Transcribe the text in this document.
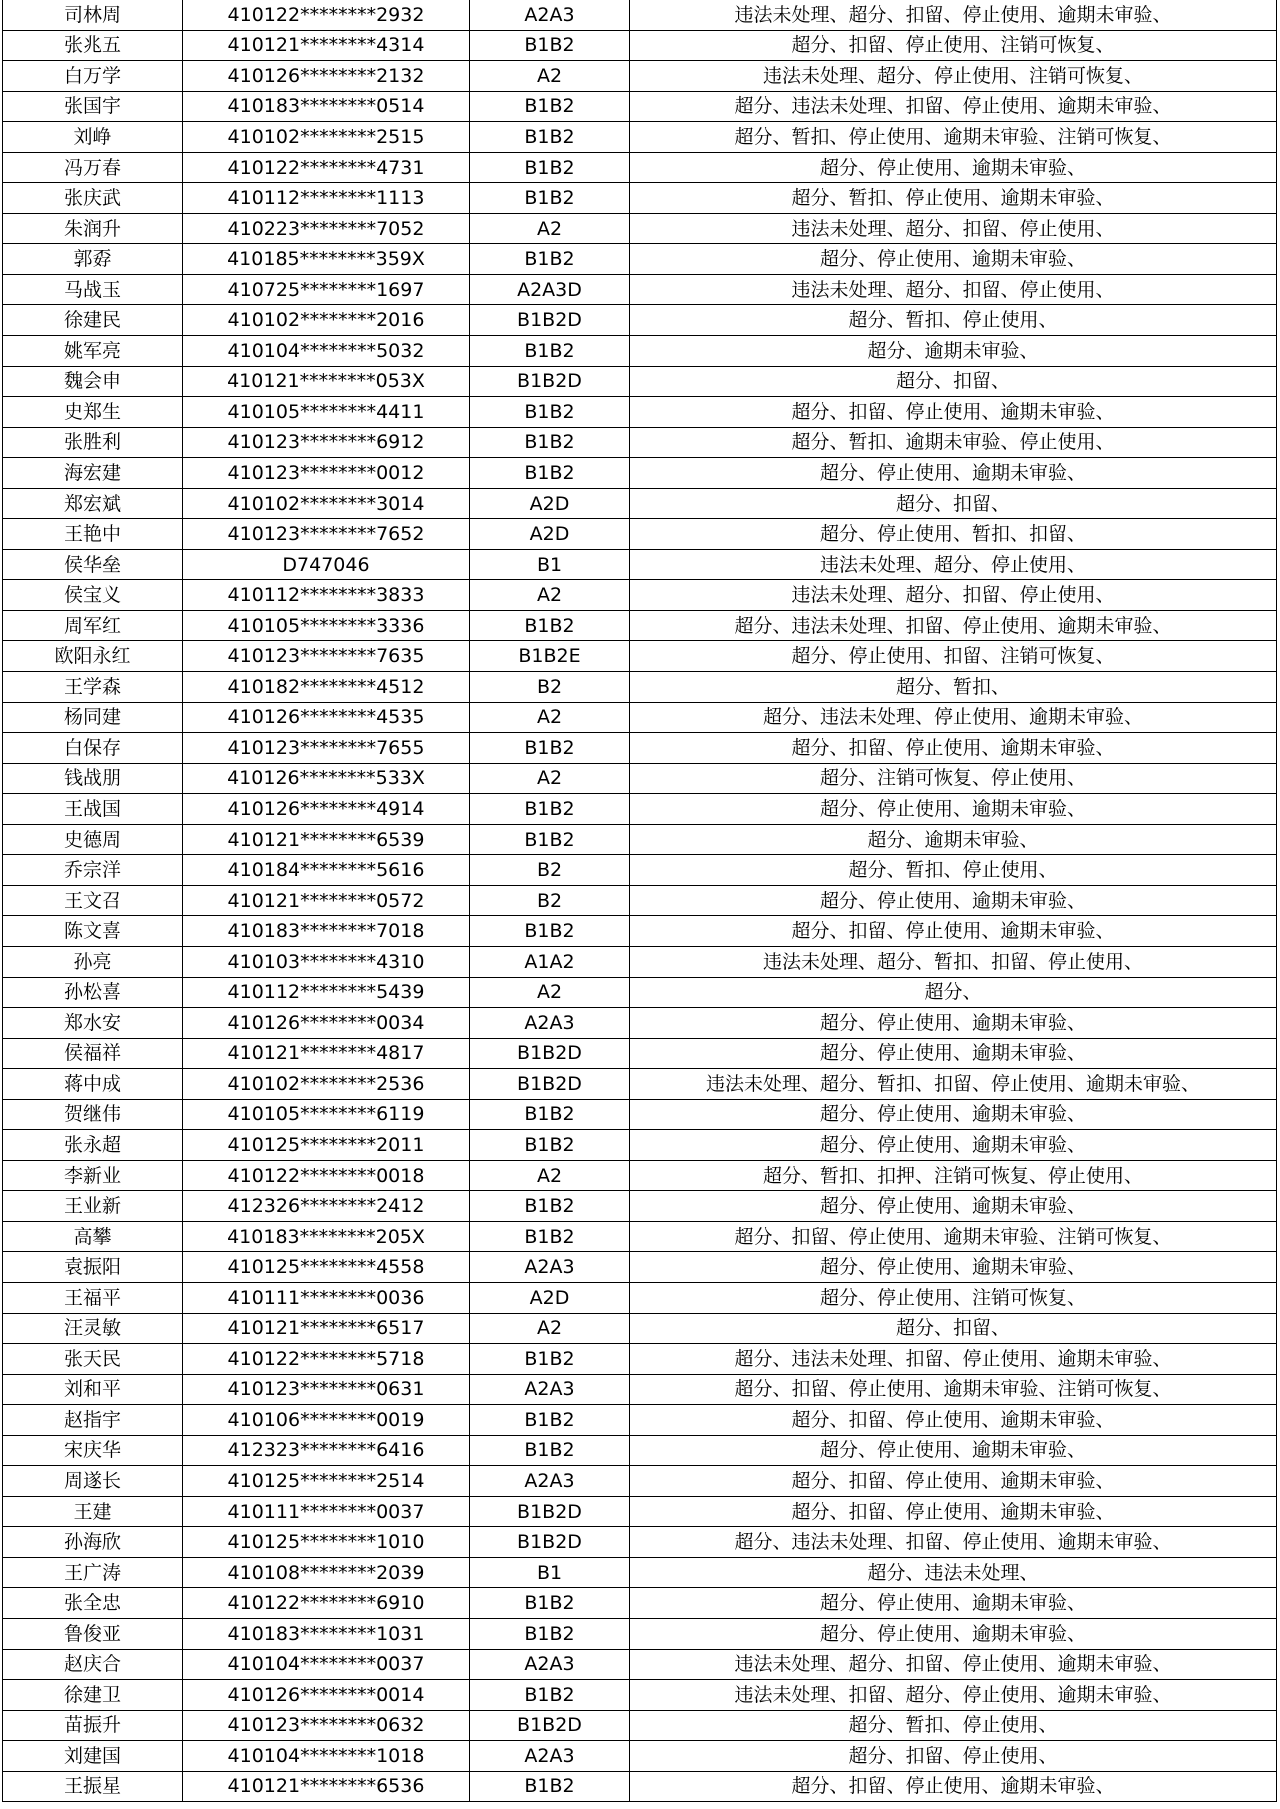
司林周	410122********2932	A2A3	违法未处理、超分、扣留、停止使用、逾期未审验、
张兆五	410121********4314	B1B2	超分、扣留、停止使用、注销可恢复、
白万学	410126********2132	A2	违法未处理、超分、停止使用、注销可恢复、
张国宇	410183********0514	B1B2	超分、违法未处理、扣留、停止使用、逾期未审验、
刘峥	410102********2515	B1B2	超分、暂扣、停止使用、逾期未审验、注销可恢复、
冯万春	410122********4731	B1B2	超分、停止使用、逾期未审验、
张庆武	410112********1113	B1B2	超分、暂扣、停止使用、逾期未审验、
朱润升	410223********7052	A2	违法未处理、超分、扣留、停止使用、
郭孬	410185********359X	B1B2	超分、停止使用、逾期未审验、
马战玉	410725********1697	A2A3D	违法未处理、超分、扣留、停止使用、
徐建民	410102********2016	B1B2D	超分、暂扣、停止使用、
姚军亮	410104********5032	B1B2	超分、逾期未审验、
魏会申	410121********053X	B1B2D	超分、扣留、
史郑生	410105********4411	B1B2	超分、扣留、停止使用、逾期未审验、
张胜利	410123********6912	B1B2	超分、暂扣、逾期未审验、停止使用、
海宏建	410123********0012	B1B2	超分、停止使用、逾期未审验、
郑宏斌	410102********3014	A2D	超分、扣留、
王艳中	410123********7652	A2D	超分、停止使用、暂扣、扣留、
侯华垒	D747046	B1	违法未处理、超分、停止使用、
侯宝义	410112********3833	A2	违法未处理、超分、扣留、停止使用、
周军红	410105********3336	B1B2	超分、违法未处理、扣留、停止使用、逾期未审验、
欧阳永红	410123********7635	B1B2E	超分、停止使用、扣留、注销可恢复、
王学森	410182********4512	B2	超分、暂扣、
杨同建	410126********4535	A2	超分、违法未处理、停止使用、逾期未审验、
白保存	410123********7655	B1B2	超分、扣留、停止使用、逾期未审验、
钱战朋	410126********533X	A2	超分、注销可恢复、停止使用、
王战国	410126********4914	B1B2	超分、停止使用、逾期未审验、
史德周	410121********6539	B1B2	超分、逾期未审验、
乔宗洋	410184********5616	B2	超分、暂扣、停止使用、
王文召	410121********0572	B2	超分、停止使用、逾期未审验、
陈文喜	410183********7018	B1B2	超分、扣留、停止使用、逾期未审验、
孙亮	410103********4310	A1A2	违法未处理、超分、暂扣、扣留、停止使用、
孙松喜	410112********5439	A2	超分、
郑水安	410126********0034	A2A3	超分、停止使用、逾期未审验、
侯福祥	410121********4817	B1B2D	超分、停止使用、逾期未审验、
蒋中成	410102********2536	B1B2D	违法未处理、超分、暂扣、扣留、停止使用、逾期未审验、
贺继伟	410105********6119	B1B2	超分、停止使用、逾期未审验、
张永超	410125********2011	B1B2	超分、停止使用、逾期未审验、
李新业	410122********0018	A2	超分、暂扣、扣押、注销可恢复、停止使用、
王业新	412326********2412	B1B2	超分、停止使用、逾期未审验、
高攀	410183********205X	B1B2	超分、扣留、停止使用、逾期未审验、注销可恢复、
袁振阳	410125********4558	A2A3	超分、停止使用、逾期未审验、
王福平	410111********0036	A2D	超分、停止使用、注销可恢复、
汪灵敏	410121********6517	A2	超分、扣留、
张天民	410122********5718	B1B2	超分、违法未处理、扣留、停止使用、逾期未审验、
刘和平	410123********0631	A2A3	超分、扣留、停止使用、逾期未审验、注销可恢复、
赵指宇	410106********0019	B1B2	超分、扣留、停止使用、逾期未审验、
宋庆华	412323********6416	B1B2	超分、停止使用、逾期未审验、
周遂长	410125********2514	A2A3	超分、扣留、停止使用、逾期未审验、
王建	410111********0037	B1B2D	超分、扣留、停止使用、逾期未审验、
孙海欣	410125********1010	B1B2D	超分、违法未处理、扣留、停止使用、逾期未审验、
王广涛	410108********2039	B1	超分、违法未处理、
张全忠	410122********6910	B1B2	超分、停止使用、逾期未审验、
鲁俊亚	410183********1031	B1B2	超分、停止使用、逾期未审验、
赵庆合	410104********0037	A2A3	违法未处理、超分、扣留、停止使用、逾期未审验、
徐建卫	410126********0014	B1B2	违法未处理、扣留、超分、停止使用、逾期未审验、
苗振升	410123********0632	B1B2D	超分、暂扣、停止使用、
刘建国	410104********1018	A2A3	超分、扣留、停止使用、
王振星	410121********6536	B1B2	超分、扣留、停止使用、逾期未审验、
